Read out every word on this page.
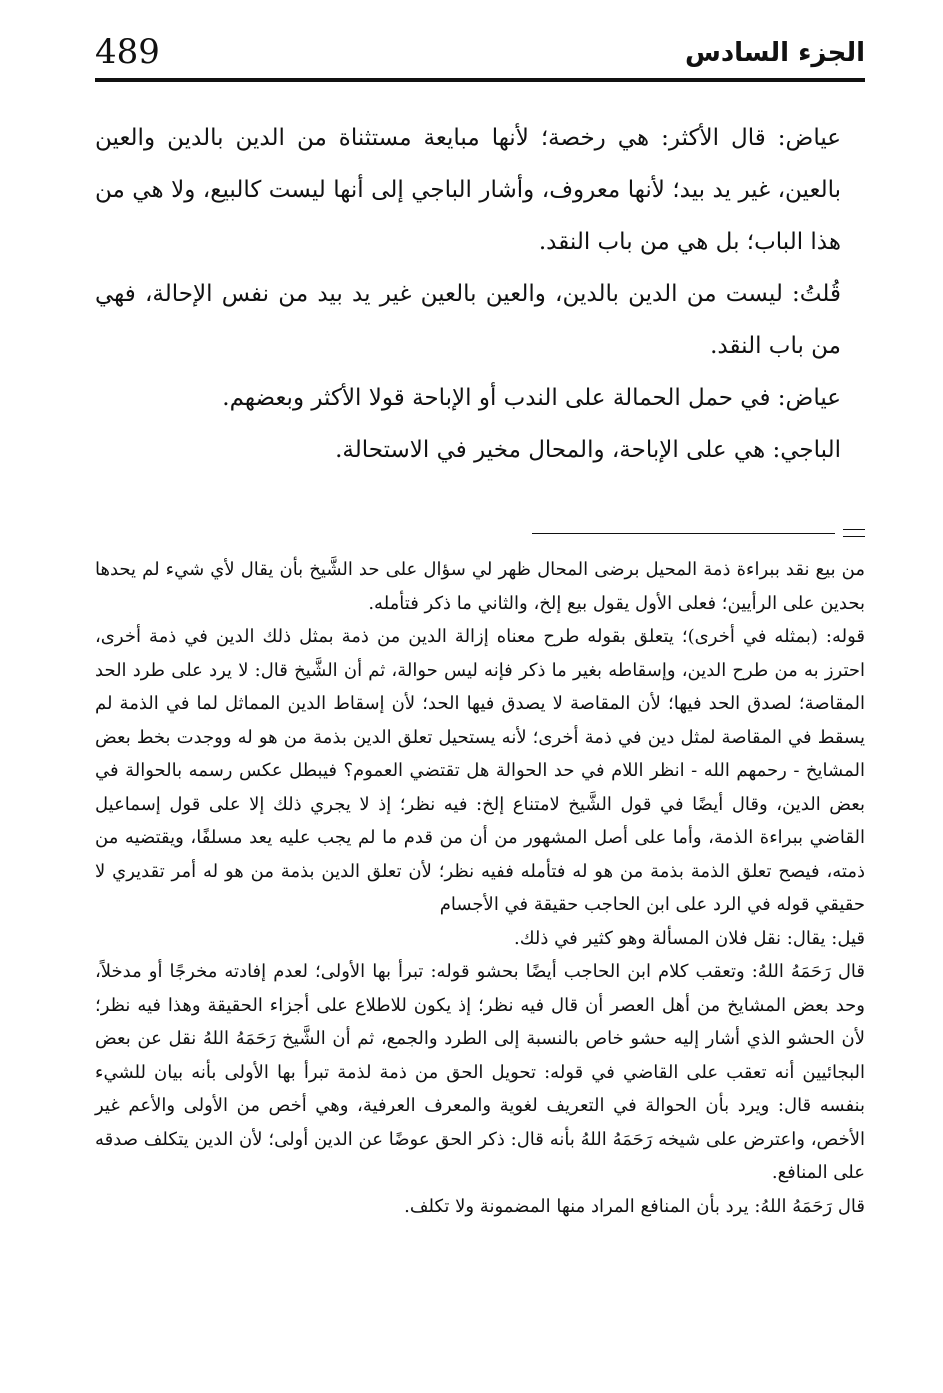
489	الجزء السادس

عياض: قال الأكثر: هي رخصة؛ لأنها مبايعة مستثناة من الدين بالدين والعين بالعين، غير يد بيد؛ لأنها معروف، وأشار الباجي إلى أنها ليست كالبيع، ولا هي من هذا الباب؛ بل هي من باب النقد.

قُلتُ: ليست من الدين بالدين، والعين بالعين غير يد بيد من نفس الإحالة، فهي من باب النقد.

عياض: في حمل الحمالة على الندب أو الإباحة قولا الأكثر وبعضهم.

الباجي: هي على الإباحة، والمحال مخير في الاستحالة.

من بيع نقد ببراءة ذمة المحيل برضى المحال ظهر لي سؤال على حد الشَّيخ بأن يقال لأي شيء لم يحدها بحدين على الرأيين؛ فعلى الأول يقول بيع إلخ، والثاني ما ذكر فتأمله.

قوله: (بمثله في أخرى)؛ يتعلق بقوله طرح معناه إزالة الدين من ذمة بمثل ذلك الدين في ذمة أخرى، احترز به من طرح الدين، وإسقاطه بغير ما ذكر فإنه ليس حوالة، ثم أن الشَّيخ قال: لا يرد على طرد الحد المقاصة؛ لصدق الحد فيها؛ لأن المقاصة لا يصدق فيها الحد؛ لأن إسقاط الدين المماثل لما في الذمة لم يسقط في المقاصة لمثل دين في ذمة أخرى؛ لأنه يستحيل تعلق الدين بذمة من هو له ووجدت بخط بعض المشايخ - رحمهم الله - انظر اللام في حد الحوالة هل تقتضي العموم؟ فيبطل عكس رسمه بالحوالة في بعض الدين، وقال أيضًا في قول الشَّيخ لامتناع إلخ: فيه نظر؛ إذ لا يجري ذلك إلا على قول إسماعيل القاضي ببراءة الذمة، وأما على أصل المشهور من أن من قدم ما لم يجب عليه يعد مسلفًا، ويقتضيه من ذمته، فيصح تعلق الذمة بذمة من هو له فتأمله ففيه نظر؛ لأن تعلق الدين بذمة من هو له أمر تقديري لا حقيقي قوله في الرد على ابن الحاجب حقيقة في الأجسام

قيل: يقال: نقل فلان المسألة وهو كثير في ذلك.

قال رَحَمَهُ اللهُ: وتعقب كلام ابن الحاجب أيضًا بحشو قوله: تبرأ بها الأولى؛ لعدم إفادته مخرجًا أو مدخلاً، وحد بعض المشايخ من أهل العصر أن قال فيه نظر؛ إذ يكون للاطلاع على أجزاء الحقيقة وهذا فيه نظر؛ لأن الحشو الذي أشار إليه حشو خاص بالنسبة إلى الطرد والجمع، ثم أن الشَّيخ رَحَمَهُ اللهُ نقل عن بعض البجائيين أنه تعقب على القاضي في قوله: تحويل الحق من ذمة لذمة تبرأ بها الأولى بأنه بيان للشيء بنفسه قال: ويرد بأن الحوالة في التعريف لغوية والمعرف العرفية، وهي أخص من الأولى والأعم غير الأخص، واعترض على شيخه رَحَمَهُ اللهُ بأنه قال: ذكر الحق عوضًا عن الدين أولى؛ لأن الدين يتكلف صدقه على المنافع.

قال رَحَمَهُ اللهُ: يرد بأن المنافع المراد منها المضمونة ولا تكلف.
